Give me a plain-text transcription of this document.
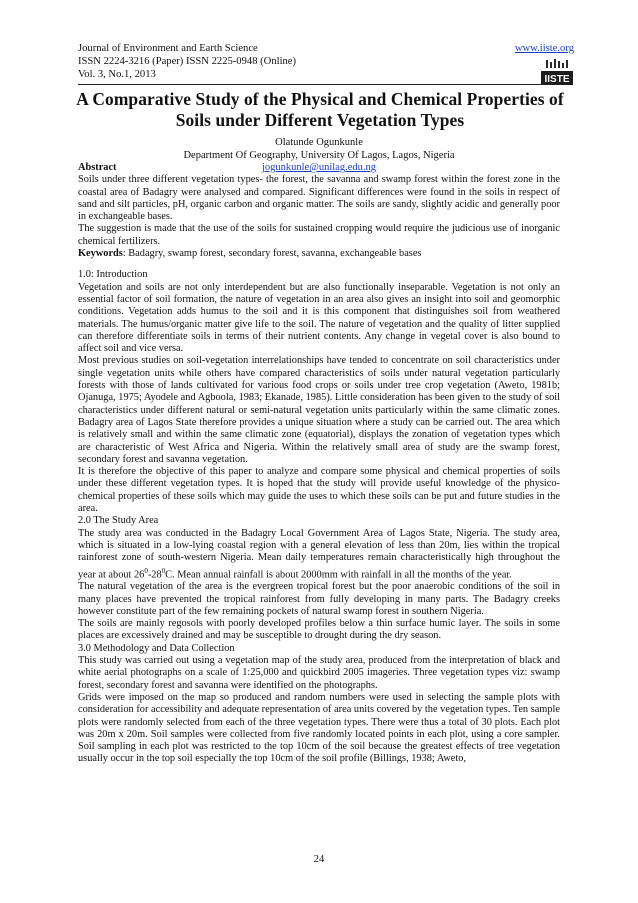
Journal of Environment and Earth Science
ISSN 2224-3216 (Paper) ISSN 2225-0948 (Online)
Vol. 3, No.1, 2013
www.iiste.org
IISTE
A Comparative Study of the Physical and Chemical Properties of Soils under Different Vegetation Types
Olatunde Ogunkunle
Department Of Geography, University Of Lagos, Lagos, Nigeria
jogunkunle@unilag.edu.ng

Abstract

Soils under three different vegetation types- the forest, the savanna and swamp forest within the forest zone in the coastal area of Badagry were analysed and compared. Significant differences were found in the soils in respect of sand and silt particles, pH, organic carbon and organic matter. The soils are sandy, slightly acidic and generally poor in exchangeable bases.

The suggestion is made that the use of the soils for sustained cropping would require the judicious use of inorganic chemical fertilizers.

Keywords: Badagry, swamp forest, secondary forest, savanna, exchangeable bases

1.0: Introduction

Vegetation and soils are not only interdependent but are also functionally inseparable. Vegetation is not only an essential factor of soil formation, the nature of vegetation in an area also gives an insight into soil and geomorphic conditions. Vegetation adds humus to the soil and it is this component that distinguishes soil from weathered materials. The humus/organic matter give life to the soil. The nature of vegetation and the quality of litter supplied can therefore differentiate soils in terms of their nutrient contents. Any change in vegetal cover is also bound to affect soil and vice versa.

Most previous studies on soil-vegetation interrelationships have tended to concentrate on soil characteristics under single vegetation units while others have compared characteristics of soils under natural vegetation particularly forests with those of lands cultivated for various food crops or soils under tree crop vegetation (Aweto, 1981b; Ojanuga, 1975; Ayodele and Agboola, 1983; Ekanade, 1985). Little consideration has been given to the study of soil characteristics under different natural or semi-natural vegetation units particularly within the same climatic zones. Badagry area of Lagos State therefore provides a unique situation where a study can be carried out. The area which is relatively small and within the same climatic zone (equatorial), displays the zonation of vegetation types which are characteristic of West Africa and Nigeria. Within the relatively small area of study are the swamp forest, secondary forest and savanna vegetation.

It is therefore the objective of this paper to analyze and compare some physical and chemical properties of soils under these different vegetation types. It is hoped that the study will provide useful knowledge of the physico-chemical properties of these soils which may guide the uses to which these soils can be put and future studies in the area.

2.0 The Study Area

The study area was conducted in the Badagry Local Government Area of Lagos State, Nigeria. The study area, which is situated in a low-lying coastal region with a general elevation of less than 20m, lies within the tropical rainforest zone of south-western Nigeria. Mean daily temperatures remain characteristically high throughout the year at about $26^0-28^0C$. Mean annual rainfall is about 2000mm with rainfall in all the months of the year.

The natural vegetation of the area is the evergreen tropical forest but the poor anaerobic conditions of the soil in many places have prevented the tropical rainforest from fully developing in many parts. The Badagry creeks however constitute part of the few remaining pockets of natural swamp forest in southern Nigeria.

The soils are mainly regosols with poorly developed profiles below a thin surface humic layer. The soils in some places are excessively drained and may be susceptible to drought during the dry season.

3.0 Methodology and Data Collection

This study was carried out using a vegetation map of the study area, produced from the interpretation of black and white aerial photographs on a scale of 1:25,000 and quickbird 2005 imageries. Three vegetation types viz: swamp forest, secondary forest and savanna were identified on the photographs.

Grids were imposed on the map so produced and random numbers were used in selecting the sample plots with consideration for accessibility and adequate representation of area units covered by the vegetation types. Ten sample plots were randomly selected from each of the three vegetation types. There were thus a total of 30 plots. Each plot was 20m x 20m. Soil samples were collected from five randomly located points in each plot, using a core sampler. Soil sampling in each plot was restricted to the top 10cm of the soil because the greatest effects of tree vegetation usually occur in the top soil especially the top 10cm of the soil profile (Billings, 1938; Aweto,

24
